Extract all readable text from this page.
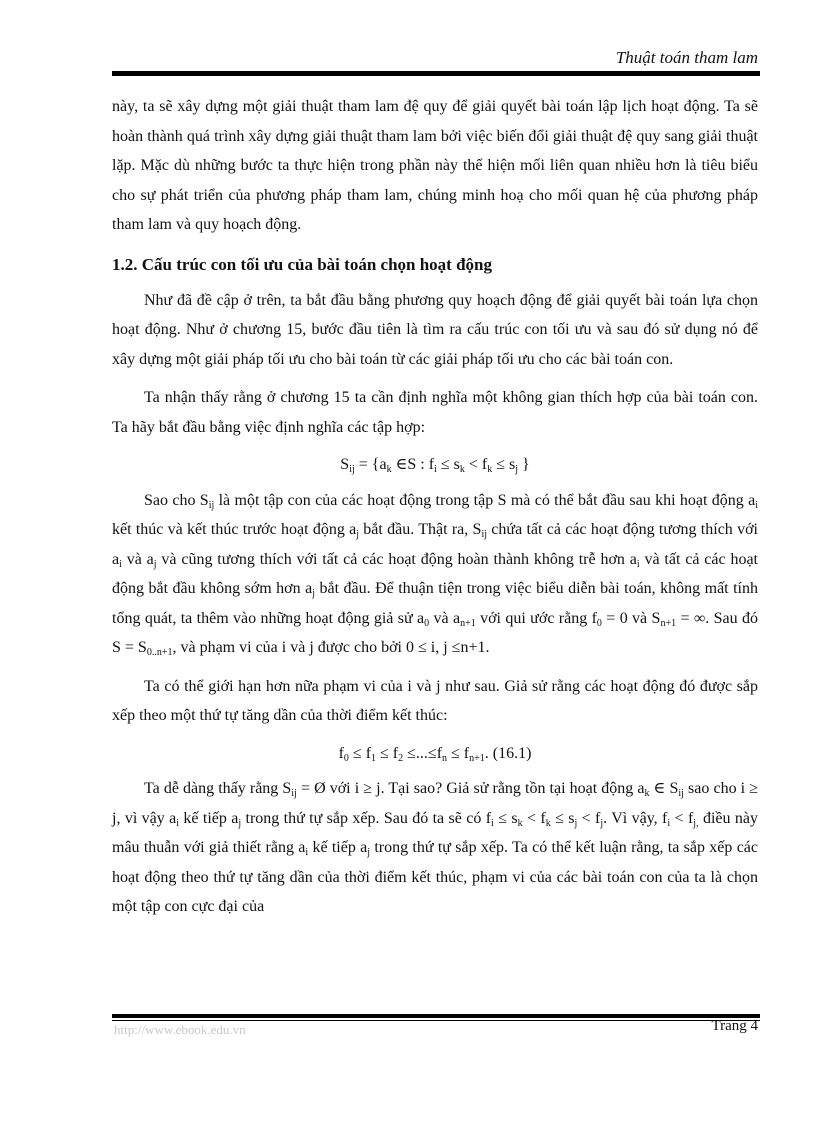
Thuật toán tham lam

này, ta sẽ xây dựng một giải thuật tham lam đệ quy để giải quyết bài toán lập lịch hoạt động. Ta sẽ hoàn thành quá trình xây dựng giải thuật tham lam bởi việc biến đổi giải thuật đệ quy sang giải thuật lặp. Mặc dù những bước ta thực hiện trong phần này thể hiện mối liên quan nhiều hơn là tiêu biểu cho sự phát triển của phương pháp tham lam, chúng minh hoạ cho mối quan hệ của phương pháp tham lam và quy hoạch động.

1.2. Cấu trúc con tối ưu của bài toán chọn hoạt động

Như đã đề cập ở trên, ta bắt đầu bằng phương quy hoạch động để giải quyết bài toán lựa chọn hoạt động. Như ở chương 15, bước đầu tiên là tìm ra cấu trúc con tối ưu và sau đó sử dụng nó để xây dựng một giải pháp tối ưu cho bài toán từ các giải pháp tối ưu cho các bài toán con.

Ta nhận thấy rằng ở chương 15 ta cần định nghĩa một không gian thích hợp của bài toán con. Ta hãy bắt đầu bằng việc định nghĩa các tập hợp:

$S_{ij} = \{a_k$ ∈S : $f_i \le s_k < f_k \le s_j$ }

Sao cho $S_{ij}$ là một tập con của các hoạt động trong tập S mà có thể bắt đầu sau khi hoạt động $a_i$ kết thúc và kết thúc trước hoạt động $a_j$ bắt đầu. Thật ra, $S_{ij}$ chứa tất cả các hoạt động tương thích với $a_i$ và $a_j$ và cũng tương thích với tất cả các hoạt động hoàn thành không trễ hơn $a_i$ và tất cả các hoạt động bắt đầu không sớm hơn $a_j$ bắt đầu. Để thuận tiện trong việc biểu diễn bài toán, không mất tính tổng quát, ta thêm vào những hoạt động giả sử $a_0$ và $a_{n+1}$ với qui ước rằng $f_0 = 0$ và $S_{n+1}$ = ∞. Sau đó $S = S_{0..n+1}$, và phạm vi của i và j được cho bởi 0 ≤ i, j ≤n+1.

Ta có thể giới hạn hơn nữa phạm vi của i và j như sau. Giả sử rằng các hoạt động đó được sắp xếp theo một thứ tự tăng dần của thời điểm kết thúc:

$f_0 \le f_1 \le f_2 \le...\le f_n \le f_{n+1}$. (16.1)

Ta dễ dàng thấy rằng $S_{ij}$ = Ø với i ≥ j. Tại sao? Giả sử rằng tồn tại hoạt động $a_k$ ∈ $S_{ij}$ sao cho i ≥ j, vì vậy $a_i$ kế tiếp $a_j$ trong thứ tự sắp xếp. Sau đó ta sẽ có $f_i \le s_k < f_k \le s_j < f_j$. Vì vậy, $f_i < f_{j,}$ điều này mâu thuẫn với giả thiết rằng $a_i$ kế tiếp $a_j$ trong thứ tự sắp xếp. Ta có thể kết luận rằng, ta sắp xếp các hoạt động theo thứ tự tăng dần của thời điểm kết thúc, phạm vi của các bài toán con của ta là chọn một tập con cực đại của

http://www.ebook.edu.vn	Trang 4
